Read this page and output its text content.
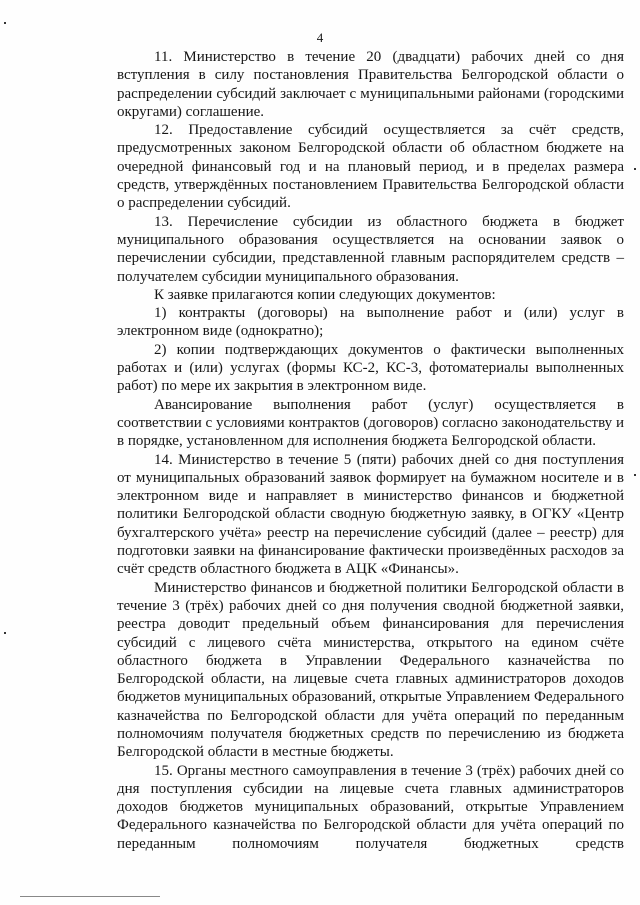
4

11. Министерство в течение 20 (двадцати) рабочих дней со дня вступления в силу постановления Правительства Белгородской области о распределении субсидий заключает с муниципальными районами (городскими округами) соглашение.

12. Предоставление субсидий осуществляется за счёт средств, предусмотренных законом Белгородской области об областном бюджете на очередной финансовый год и на плановый период, и в пределах размера средств, утверждённых постановлением Правительства Белгородской области о распределении субсидий.

13. Перечисление субсидии из областного бюджета в бюджет муниципального образования осуществляется на основании заявок о перечислении субсидии, представленной главным распорядителем средств – получателем субсидии муниципального образования.

К заявке прилагаются копии следующих документов:

1) контракты (договоры) на выполнение работ и (или) услуг в электронном виде (однократно);

2) копии подтверждающих документов о фактически выполненных работах и (или) услугах (формы КС-2, КС-3, фотоматериалы выполненных работ) по мере их закрытия в электронном виде.

Авансирование выполнения работ (услуг) осуществляется в соответствии с условиями контрактов (договоров) согласно законодательству и в порядке, установленном для исполнения бюджета Белгородской области.

14. Министерство в течение 5 (пяти) рабочих дней со дня поступления от муниципальных образований заявок формирует на бумажном носителе и в электронном виде и направляет в министерство финансов и бюджетной политики Белгородской области сводную бюджетную заявку, в ОГКУ «Центр бухгалтерского учёта» реестр на перечисление субсидий (далее – реестр) для подготовки заявки на финансирование фактически произведённых расходов за счёт средств областного бюджета в АЦК «Финансы».

Министерство финансов и бюджетной политики Белгородской области в течение 3 (трёх) рабочих дней со дня получения сводной бюджетной заявки, реестра доводит предельный объем финансирования для перечисления субсидий с лицевого счёта министерства, открытого на едином счёте областного бюджета в Управлении Федерального казначейства по Белгородской области, на лицевые счета главных администраторов доходов бюджетов муниципальных образований, открытые Управлением Федерального казначейства по Белгородской области для учёта операций по переданным полномочиям получателя бюджетных средств по перечислению из бюджета Белгородской области в местные бюджеты.

15. Органы местного самоуправления в течение 3 (трёх) рабочих дней со дня поступления субсидии на лицевые счета главных администраторов доходов бюджетов муниципальных образований, открытые Управлением Федерального казначейства по Белгородской области для учёта операций по переданным полномочиям получателя бюджетных средств
